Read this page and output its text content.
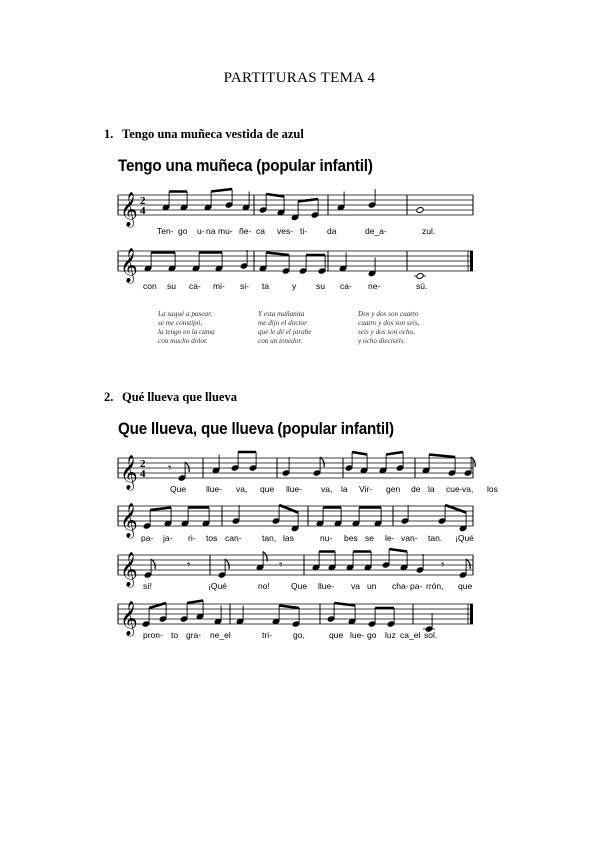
PARTITURAS TEMA 4
1. Tengo una muñeca vestida de azul
Tengo una muñeca (popular infantil)
𝄞 2
4
Ten- go u- na mu- ñe- ca ves- ti- da	de_a-	zul.
𝄞
con su ca- mi- si- ta	y su ca- ne-	sú.
La saqué a pasear,
se me constipó,
la tengo en la cama
con mucho dolor.
Y esta mañanita
me dijo el doctor
que le dé el jarabe
con un tenedor.
Dos y dos son cuatro
cuatro y dos son seis,
seis y dos son ocho,
y ocho dieciséis.
2. Qué llueva que llueva
Que llueva, que llueva (popular infantil)
𝄞 2
4 𝄾
Que llue- va, que llue- va, la Vir- gen de la cue- va, los
𝄞 pa- ja- ri- tos can- tan, las	nu- bes se le- van- tan. ¡Qué
𝄞	𝄾	𝄾	𝄾
sí!	¡Qué	no! Que llue- va un cha- pa- rrón, que
𝄞 pron- to gra- ne_el	tri- go,	que lue- go luz ca_el sol.
